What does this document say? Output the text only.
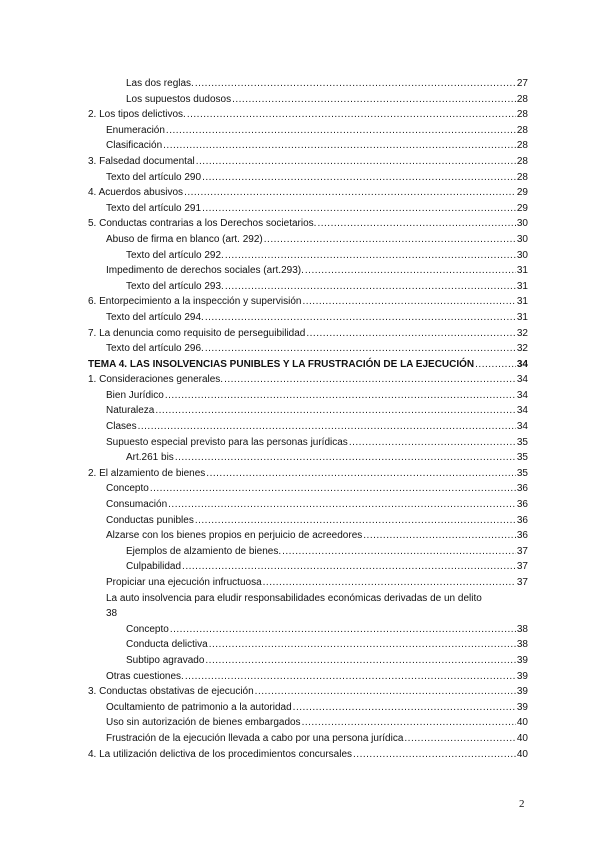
Las dos reglas. .....	27
Los supuestos dudosos .....	28
2. Los tipos delictivos. .....	28
Enumeración .....	28
Clasificación .....	28
3. Falsedad documental .....	28
Texto del artículo 290 .....	28
4. Acuerdos abusivos .....	29
Texto del artículo 291 .....	29
5. Conductas contrarias a los Derechos societarios. .....	30
Abuso de firma en blanco (art. 292) .....	30
Texto del artículo 292. .....	30
Impedimento de derechos sociales (art.293). .....	31
Texto del artículo 293. .....	31
6. Entorpecimiento a la inspección y supervisión .....	31
Texto del artículo 294. .....	31
7. La denuncia como requisito de perseguibilidad .....	32
Texto del artículo 296. .....	32
TEMA 4. LAS INSOLVENCIAS PUNIBLES Y LA FRUSTRACIÓN DE LA EJECUCIÓN .....	34
1. Consideraciones generales. .....	34
Bien Jurídico .....	34
Naturaleza .....	34
Clases .....	34
Supuesto especial previsto para las personas jurídicas .....	35
Art.261 bis .....	35
2. El alzamiento de bienes .....	35
Concepto .....	36
Consumación .....	36
Conductas punibles .....	36
Alzarse con los bienes propios en perjuicio de acreedores .....	36
Ejemplos de alzamiento de bienes. .....	37
Culpabilidad .....	37
Propiciar una ejecución infructuosa .....	37
La auto insolvencia para eludir responsabilidades económicas derivadas de un delito
38
Concepto .....	38
Conducta delictiva .....	38
Subtipo agravado .....	39
Otras cuestiones. .....	39
3. Conductas obstativas de ejecución .....	39
Ocultamiento de patrimonio a la autoridad .....	39
Uso sin autorización de bienes embargados .....	40
Frustración de la ejecución llevada a cabo por una persona jurídica .....	40
4. La utilización delictiva de los procedimientos concursales .....	40
2
